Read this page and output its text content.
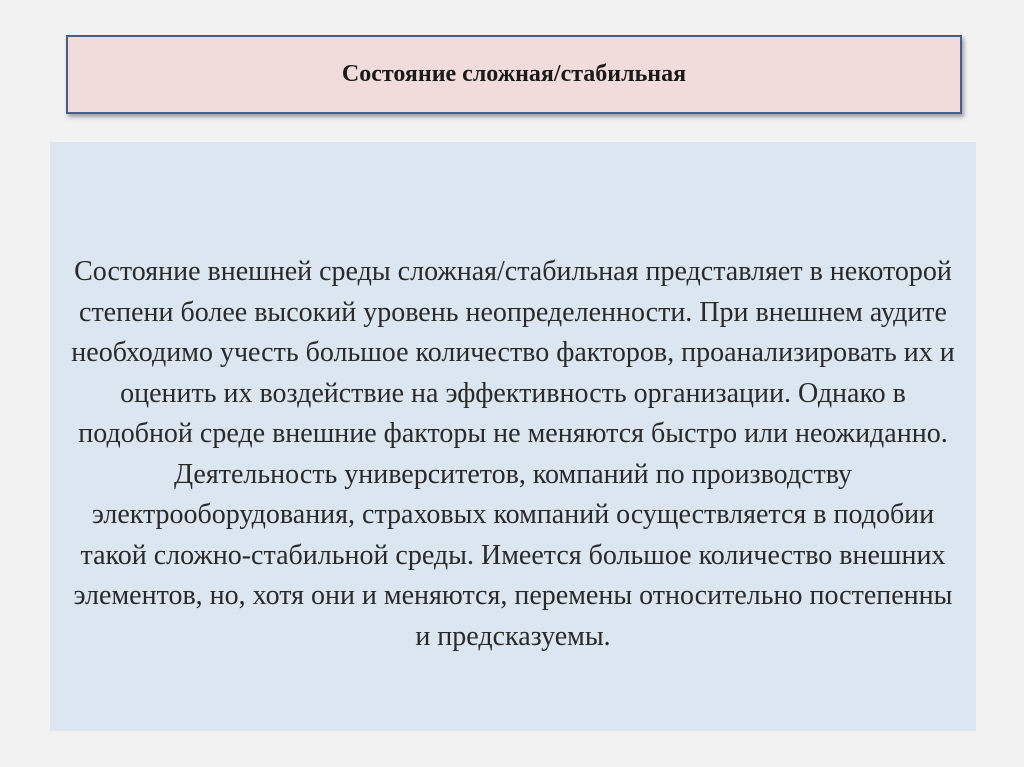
Состояние сложная/стабильная

Состояние внешней среды сложная/стабильная представляет в некоторой степени более высокий уровень неопределенности. При внешнем аудите необходимо учесть большое количество факторов, проанализировать их и оценить их воздействие на эффективность организации. Однако в подобной среде внешние факторы не меняются быстро или неожиданно. Деятельность университетов, компаний по производству электрооборудования, страховых компаний осуществляется в подобии такой сложно-стабильной среды. Имеется большое количество внешних элементов, но, хотя они и меняются, перемены относительно постепенны и предсказуемы.
